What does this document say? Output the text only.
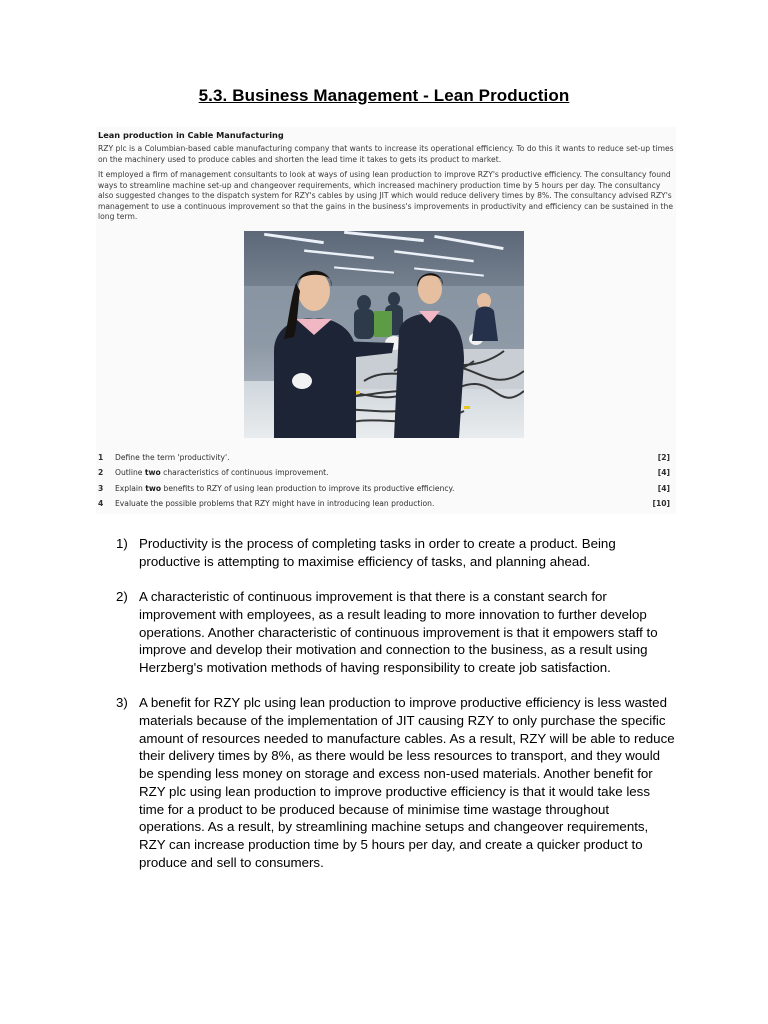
5.3. Business Management - Lean Production
Lean production in Cable Manufacturing
RZY plc is a Columbian-based cable manufacturing company that wants to increase its operational efficiency. To do this it wants to reduce set-up times on the machinery used to produce cables and shorten the lead time it takes to gets its product to market.
It employed a firm of management consultants to look at ways of using lean production to improve RZY's productive efficiency. The consultancy found ways to streamline machine set-up and changeover requirements, which increased machinery production time by 5 hours per day. The consultancy also suggested changes to the dispatch system for RZY's cables by using JIT which would reduce delivery times by 8%. The consultancy advised RZY's management to use a continuous improvement so that the gains in the business's improvements in productivity and efficiency can be sustained in the long term.
1 Define the term 'productivity'.	[2]
2 Outline two characteristics of continuous improvement.	[4]
3 Explain two benefits to RZY of using lean production to improve its productive efficiency.	[4]
4 Evaluate the possible problems that RZY might have in introducing lean production.	[10]
1) Productivity is the process of completing tasks in order to create a product. Being productive is attempting to maximise efficiency of tasks, and planning ahead.
2) A characteristic of continuous improvement is that there is a constant search for improvement with employees, as a result leading to more innovation to further develop operations. Another characteristic of continuous improvement is that it empowers staff to improve and develop their motivation and connection to the business, as a result using Herzberg's motivation methods of having responsibility to create job satisfaction.
3) A benefit for RZY plc using lean production to improve productive efficiency is less wasted materials because of the implementation of JIT causing RZY to only purchase the specific amount of resources needed to manufacture cables. As a result, RZY will be able to reduce their delivery times by 8%, as there would be less resources to transport, and they would be spending less money on storage and excess non-used materials. Another benefit for RZY plc using lean production to improve productive efficiency is that it would take less time for a product to be produced because of minimise time wastage throughout operations. As a result, by streamlining machine setups and changeover requirements, RZY can increase production time by 5 hours per day, and create a quicker product to produce and sell to consumers.
